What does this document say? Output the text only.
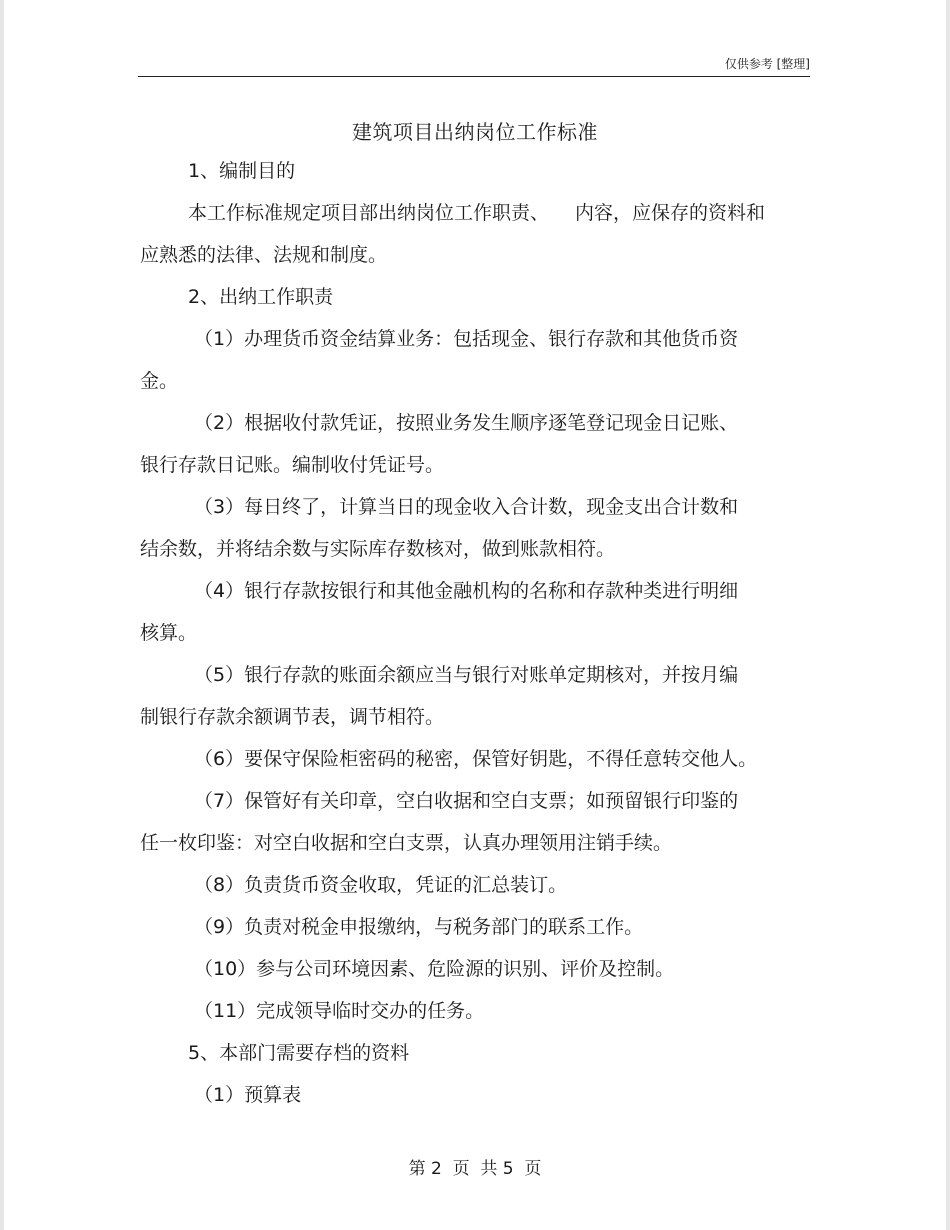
仅供参考 [整理]
建筑项目出纳岗位工作标准
1、编制目的
本工作标准规定项目部出纳岗位工作职责、 内容，应保存的资料和
应熟悉的法律、法规和制度。
2、出纳工作职责
（1）办理货币资金结算业务：包括现金、银行存款和其他货币资
金。
（2）根据收付款凭证，按照业务发生顺序逐笔登记现金日记账、
银行存款日记账。编制收付凭证号。
（3）每日终了，计算当日的现金收入合计数，现金支出合计数和
结余数，并将结余数与实际库存数核对，做到账款相符。
（4）银行存款按银行和其他金融机构的名称和存款种类进行明细
核算。
（5）银行存款的账面余额应当与银行对账单定期核对，并按月编
制银行存款余额调节表，调节相符。
（6）要保守保险柜密码的秘密，保管好钥匙，不得任意转交他人。
（7）保管好有关印章，空白收据和空白支票；如预留银行印鉴的
任一枚印鉴：对空白收据和空白支票，认真办理领用注销手续。
（8）负责货币资金收取，凭证的汇总装订。
（9）负责对税金申报缴纳，与税务部门的联系工作。
（10）参与公司环境因素、危险源的识别、评价及控制。
（11）完成领导临时交办的任务。
5、本部门需要存档的资料
（1）预算表
第 2  页  共 5  页
